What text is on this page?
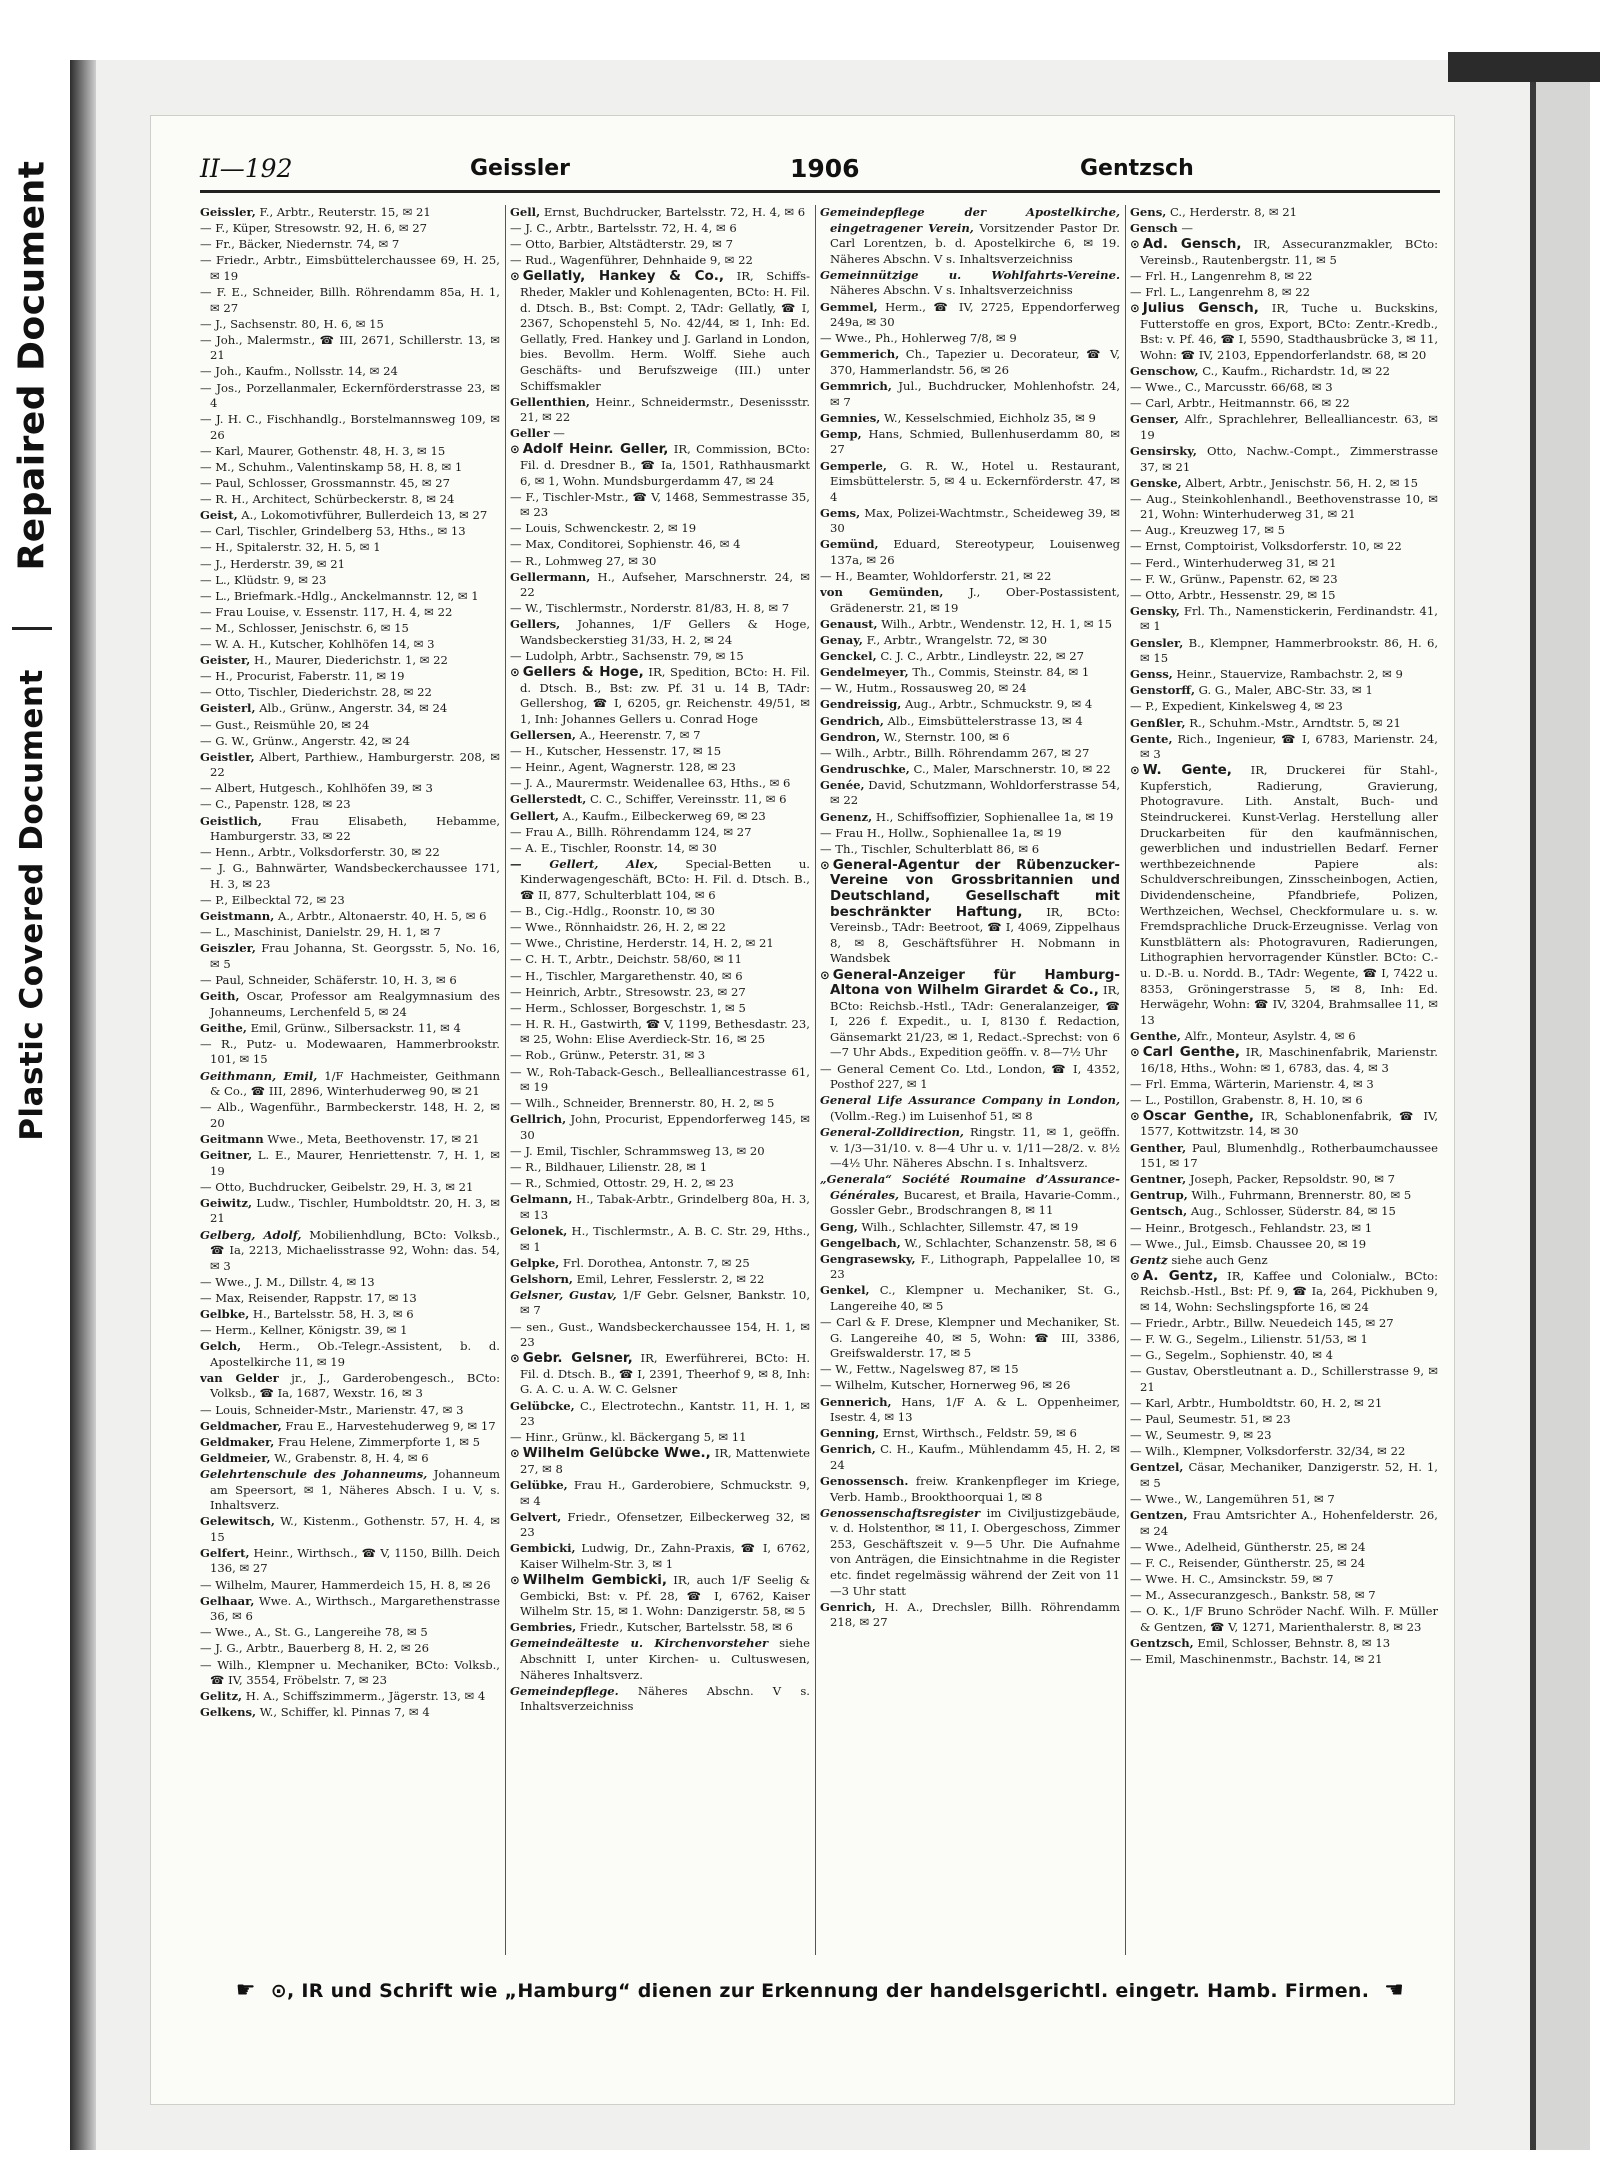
Repaired Document
Plastic Covered Document
II—192	Geissler	1906	Gentzsch
Geissler, F., Arbtr., Reuterstr. 15, ✉ 21
— F., Küper, Stresowstr. 92, H. 6, ✉ 27
— Fr., Bäcker, Niedernstr. 74, ✉ 7
— Friedr., Arbtr., Eimsbüttelerchaussee 69, H. 25, ✉ 19
— F. E., Schneider, Billh. Röhrendamm 85a, H. 1, ✉ 27
— J., Sachsenstr. 80, H. 6, ✉ 15
— Joh., Malermstr., ☎ III, 2671, Schillerstr. 13, ✉ 21
— Joh., Kaufm., Nollsstr. 14, ✉ 24
— Jos., Porzellanmaler, Eckernförderstrasse 23, ✉ 4
— J. H. C., Fischhandlg., Borstelmannsweg 109, ✉ 26
— Karl, Maurer, Gothenstr. 48, H. 3, ✉ 15
— M., Schuhm., Valentinskamp 58, H. 8, ✉ 1
— Paul, Schlosser, Grossmannstr. 45, ✉ 27
— R. H., Architect, Schürbeckerstr. 8, ✉ 24
Geist, A., Lokomotivführer, Bullerdeich 13, ✉ 27
— Carl, Tischler, Grindelberg 53, Hths., ✉ 13
— H., Spitalerstr. 32, H. 5, ✉ 1
— J., Herderstr. 39, ✉ 21
— L., Klüdstr. 9, ✉ 23
— L., Briefmark.-Hdlg., Anckelmannstr. 12, ✉ 1
— Frau Louise, v. Essenstr. 117, H. 4, ✉ 22
— M., Schlosser, Jenischstr. 6, ✉ 15
— W. A. H., Kutscher, Kohlhöfen 14, ✉ 3
Geister, H., Maurer, Diederichstr. 1, ✉ 22
— H., Procurist, Faberstr. 11, ✉ 19
— Otto, Tischler, Diederichstr. 28, ✉ 22
Geisterl, Alb., Grünw., Angerstr. 34, ✉ 24
— Gust., Reismühle 20, ✉ 24
— G. W., Grünw., Angerstr. 42, ✉ 24
Geistler, Albert, Parthiew., Hamburgerstr. 208, ✉ 22
— Albert, Hutgesch., Kohlhöfen 39, ✉ 3
— C., Papenstr. 128, ✉ 23
Geistlich,	Frau Elisabeth, Hebamme, Hamburgerstr. 33, ✉ 22
— Henn., Arbtr., Volksdorferstr. 30, ✉ 22
— J. G., Bahnwärter, Wandsbeckerchaussee 171, H. 3, ✉ 23
— P., Eilbecktal 72, ✉ 23
Geistmann, A., Arbtr., Altonaerstr. 40, H. 5, ✉ 6
— L., Maschinist, Danielstr. 29, H. 1, ✉ 7
Geiszler, Frau Johanna, St. Georgsstr. 5, No. 16, ✉ 5
— Paul, Schneider, Schäferstr. 10, H. 3, ✉ 6
Geith, Oscar, Professor am Realgymnasium des Johanneums, Lerchenfeld 5, ✉ 24
Geithe, Emil, Grünw., Silbersackstr. 11, ✉ 4
— R., Putz- u. Modewaaren, Hammerbrookstr. 101, ✉ 15
Geithmann, Emil, 1/F Hachmeister, Geithmann & Co., ☎ III, 2896, Winterhuderweg 90, ✉ 21
— Alb., Wagenführ., Barmbeckerstr. 148, H. 2, ✉ 20
Geitmann Wwe., Meta, Beethovenstr. 17, ✉ 21
Geitner, L. E., Maurer, Henriettenstr. 7, H. 1, ✉ 19
— Otto, Buchdrucker, Geibelstr. 29, H. 3, ✉ 21
Geiwitz, Ludw., Tischler, Humboldtstr. 20, H. 3, ✉ 21
Gelberg, Adolf, Mobilienhdlung, BCto: Volksb., ☎ Ia, 2213, Michaelisstrasse 92, Wohn: das. 54, ✉ 3
— Wwe., J. M., Dillstr. 4, ✉ 13
— Max, Reisender, Rappstr. 17, ✉ 13
Gelbke, H., Bartelsstr. 58, H. 3, ✉ 6
— Herm., Kellner, Königstr. 39, ✉ 1
Gelch, Herm., Ob.-Telegr.-Assistent, b. d. Apostelkirche 11, ✉ 19
van Gelder jr., J., Garderobengesch., BCto: Volksb., ☎ Ia, 1687, Wexstr. 16, ✉ 3
— Louis, Schneider-Mstr., Marienstr. 47, ✉ 3
Geldmacher, Frau E., Harvestehuderweg 9, ✉ 17
Geldmaker, Frau Helene, Zimmerpforte 1, ✉ 5
Geldmeier, W., Grabenstr. 8, H. 4, ✉ 6
Gelehrtenschule des Johanneums, Johanneum am Speersort, ✉ 1, Näheres Absch. I u. V, s. Inhaltsverz.
Gelewitsch, W., Kistenm., Gothenstr. 57, H. 4, ✉ 15
Gelfert, Heinr., Wirthsch., ☎ V, 1150, Billh. Deich 136, ✉ 27
— Wilhelm, Maurer, Hammerdeich 15, H. 8, ✉ 26
Gelhaar, Wwe. A., Wirthsch., Margarethenstrasse 36, ✉ 6
— Wwe., A., St. G., Langereihe 78, ✉ 5
— J. G., Arbtr., Bauerberg 8, H. 2, ✉ 26
— Wilh., Klempner u. Mechaniker, BCto: Volksb., ☎ IV, 3554, Fröbelstr. 7, ✉ 23
Gelitz, H. A., Schiffszimmerm., Jägerstr. 13, ✉ 4
Gelkens, W., Schiffer, kl. Pinnas 7, ✉ 4
Gell, Ernst, Buchdrucker, Bartelsstr. 72, H. 4, ✉ 6
— J. C., Arbtr., Bartelsstr. 72, H. 4, ✉ 6
— Otto, Barbier, Altstädterstr. 29, ✉ 7
— Rud., Wagenführer, Dehnhaide 9, ✉ 22
⊙ Gellatly, Hankey & Co., IR, Schiffs-Rheder, Makler und Kohlenagenten, BCto: H. Fil. d. Dtsch. B., Bst: Compt. 2, TAdr: Gellatly, ☎ I, 2367, Schopenstehl 5, No. 42/44, ✉ 1, Inh: Ed. Gellatly, Fred. Hankey und J. Garland in London, bies. Bevollm. Herm. Wolff. Siehe auch Geschäfts- und Berufszweige (III.) unter Schiffsmakler
Gellenthien, Heinr., Schneidermstr., Desenissstr. 21, ✉ 22
Geller —
⊙ Adolf Heinr. Geller, IR, Commission, BCto: Fil. d. Dresdner B., ☎ Ia, 1501, Rathhausmarkt 6, ✉ 1, Wohn. Mundsburgerdamm 47, ✉ 24
— F., Tischler-Mstr., ☎ V, 1468, Semmestrasse 35, ✉ 23
— Louis, Schwenckestr. 2, ✉ 19
— Max, Conditorei, Sophienstr. 46, ✉ 4
— R., Lohmweg 27, ✉ 30
Gellermann, H., Aufseher, Marschnerstr. 24, ✉ 22
— W., Tischlermstr., Norderstr. 81/83, H. 8, ✉ 7
Gellers, Johannes, 1/F Gellers & Hoge, Wandsbeckerstieg 31/33, H. 2, ✉ 24
— Ludolph, Arbtr., Sachsenstr. 79, ✉ 15
⊙ Gellers & Hoge, IR, Spedition, BCto: H. Fil. d. Dtsch. B., Bst: zw. Pf. 31 u. 14 B, TAdr: Gellershog, ☎ I, 6205, gr. Reichenstr. 49/51, ✉ 1, Inh: Johannes Gellers u. Conrad Hoge
Gellersen, A., Heerenstr. 7, ✉ 7
— H., Kutscher, Hessenstr. 17, ✉ 15
— Heinr., Agent, Wagnerstr. 128, ✉ 23
— J. A., Maurermstr. Weidenallee 63, Hths., ✉ 6
Gellerstedt, C. C., Schiffer, Vereinsstr. 11, ✉ 6
Gellert, A., Kaufm., Eilbeckerweg 69, ✉ 23
— Frau A., Billh. Röhrendamm 124, ✉ 27
— A. E., Tischler, Roonstr. 14, ✉ 30
— Gellert, Alex, Special-Betten u. Kinderwagengeschäft, BCto: H. Fil. d. Dtsch. B., ☎ II, 877, Schulterblatt 104, ✉ 6
— B., Cig.-Hdlg., Roonstr. 10, ✉ 30
— Wwe., Rönnhaidstr. 26, H. 2, ✉ 22
— Wwe., Christine, Herderstr. 14, H. 2, ✉ 21
— C. H. T., Arbtr., Deichstr. 58/60, ✉ 11
— H., Tischler, Margarethenstr. 40, ✉ 6
— Heinrich, Arbtr., Stresowstr. 23, ✉ 27
— Herm., Schlosser, Borgeschstr. 1, ✉ 5
— H. R. H., Gastwirth, ☎ V, 1199, Bethesdastr. 23, ✉ 25, Wohn: Elise Averdieck-Str. 16, ✉ 25
— Rob., Grünw., Peterstr. 31, ✉ 3
— W., Roh-Taback-Gesch., Bellealliancestrasse 61, ✉ 19
— Wilh., Schneider, Brennerstr. 80, H. 2, ✉ 5
Gellrich, John, Procurist, Eppendorferweg 145, ✉ 30
— J. Emil, Tischler, Schrammsweg 13, ✉ 20
— R., Bildhauer, Lilienstr. 28, ✉ 1
— R., Schmied, Ottostr. 29, H. 2, ✉ 23
Gelmann, H., Tabak-Arbtr., Grindelberg 80a, H. 3, ✉ 13
Gelonek, H., Tischlermstr., A. B. C. Str. 29, Hths., ✉ 1
Gelpke, Frl. Dorothea, Antonstr. 7, ✉ 25
Gelshorn, Emil, Lehrer, Fesslerstr. 2, ✉ 22
Gelsner, Gustav, 1/F Gebr. Gelsner, Bankstr. 10, ✉ 7
— sen., Gust., Wandsbeckerchaussee 154, H. 1, ✉ 23
⊙ Gebr. Gelsner, IR, Ewerführerei, BCto: H. Fil. d. Dtsch. B., ☎ I, 2391, Theerhof 9, ✉ 8, Inh: G. A. C. u. A. W. C. Gelsner
Gelübcke, C., Electrotechn., Kantstr. 11, H. 1, ✉ 23
— Hinr., Grünw., kl. Bäckergang 5, ✉ 11
⊙ Wilhelm Gelübcke Wwe., IR, Mattenwiete 27, ✉ 8
Gelübke, Frau H., Garderobiere, Schmuckstr. 9, ✉ 4
Gelvert, Friedr., Ofensetzer, Eilbeckerweg 32, ✉ 23
Gembicki, Ludwig, Dr., Zahn-Praxis, ☎ I, 6762, Kaiser Wilhelm-Str. 3, ✉ 1
⊙ Wilhelm Gembicki, IR, auch 1/F Seelig & Gembicki, Bst: v. Pf. 28, ☎ I, 6762, Kaiser Wilhelm Str. 15, ✉ 1. Wohn: Danzigerstr. 58, ✉ 5
Gembries, Friedr., Kutscher, Bartelsstr. 58, ✉ 6
Gemeindeälteste u. Kirchenvorsteher siehe Abschnitt I, unter Kirchen- u. Cultuswesen, Näheres Inhaltsverz.
Gemeindepflege. Näheres Abschn. V s. Inhaltsverzeichniss
Gemeindepflege der Apostelkirche, eingetragener Verein, Vorsitzender Pastor Dr. Carl Lorentzen, b. d. Apostelkirche 6, ✉ 19. Näheres Abschn. V s. Inhaltsverzeichniss
Gemeinnützige u. Wohlfahrts-Vereine. Näheres Abschn. V s. Inhaltsverzeichniss
Gemmel, Herm., ☎ IV, 2725, Eppendorferweg 249a, ✉ 30
— Wwe., Ph., Hohlerweg 7/8, ✉ 9
Gemmerich, Ch., Tapezier u. Decorateur, ☎ V, 370, Hammerlandstr. 56, ✉ 26
Gemmrich, Jul., Buchdrucker, Mohlenhofstr. 24, ✉ 7
Gemnies, W., Kesselschmied, Eichholz 35, ✉ 9
Gemp, Hans, Schmied, Bullenhuserdamm 80, ✉ 27
Gemperle, G. R. W., Hotel u. Restaurant, Eimsbüttelerstr. 5, ✉ 4 u. Eckernförderstr. 47, ✉ 4
Gems, Max, Polizei-Wachtmstr., Scheideweg 39, ✉ 30
Gemünd, Eduard, Stereotypeur, Louisenweg 137a, ✉ 26
— H., Beamter, Wohldorferstr. 21, ✉ 22
von Gemünden, J., Ober-Postassistent, Grädenerstr. 21, ✉ 19
Genaust, Wilh., Arbtr., Wendenstr. 12, H. 1, ✉ 15
Genay, F., Arbtr., Wrangelstr. 72, ✉ 30
Genckel, C. J. C., Arbtr., Lindleystr. 22, ✉ 27
Gendelmeyer, Th., Commis, Steinstr. 84, ✉ 1
— W., Hutm., Rossausweg 20, ✉ 24
Gendreissig, Aug., Arbtr., Schmuckstr. 9, ✉ 4
Gendrich, Alb., Eimsbüttelerstrasse 13, ✉ 4
Gendron, W., Sternstr. 100, ✉ 6
— Wilh., Arbtr., Billh. Röhrendamm 267, ✉ 27
Gendruschke, C., Maler, Marschnerstr. 10, ✉ 22
Genée, David, Schutzmann, Wohldorferstrasse 54, ✉ 22
Genenz, H., Schiffsoffizier, Sophienallee 1a, ✉ 19
— Frau H., Hollw., Sophienallee 1a, ✉ 19
— Th., Tischler, Schulterblatt 86, ✉ 6
⊙ General-Agentur der Rübenzucker-Vereine von Grossbritannien und Deutschland, Gesellschaft mit beschränkter Haftung, IR, BCto: Vereinsb., TAdr: Beetroot, ☎ I, 4069, Zippelhaus 8, ✉ 8, Geschäftsführer H. Nobmann in Wandsbek
⊙ General-Anzeiger für Hamburg-Altona von Wilhelm Girardet & Co., IR, BCto: Reichsb.-Hstl., TAdr: Generalanzeiger, ☎ I, 226 f. Expedit., u. I, 8130 f. Redaction, Gänsemarkt 21/23, ✉ 1, Redact.-Sprechst: von 6—7 Uhr Abds., Expedition geöffn. v. 8—7½ Uhr
— General Cement Co. Ltd., London, ☎ I, 4352, Posthof 227, ✉ 1
General Life Assurance Company in London, (Vollm.-Reg.) im Luisenhof 51, ✉ 8
General-Zolldirection, Ringstr. 11, ✉ 1, geöffn. v. 1/3—31/10. v. 8—4 Uhr u. v. 1/11—28/2. v. 8½—4½ Uhr. Näheres Abschn. I s. Inhaltsverz.
„Generala“ Société Roumaine d’Assurance-Générales, Bucarest, et Braila, Havarie-Comm., Gossler Gebr., Brodschrangen 8, ✉ 11
Geng, Wilh., Schlachter, Sillemstr. 47, ✉ 19
Gengelbach, W., Schlachter, Schanzenstr. 58, ✉ 6
Gengrasewsky, F., Lithograph, Pappelallee 10, ✉ 23
Genkel, C., Klempner u. Mechaniker, St. G., Langereihe 40, ✉ 5
— Carl & F. Drese, Klempner und Mechaniker, St. G. Langereihe 40, ✉ 5, Wohn: ☎ III, 3386, Greifswalderstr. 17, ✉ 5
— W., Fettw., Nagelsweg 87, ✉ 15
— Wilhelm, Kutscher, Hornerweg 96, ✉ 26
Gennerich, Hans, 1/F A. & L. Oppenheimer, Isestr. 4, ✉ 13
Genning, Ernst, Wirthsch., Feldstr. 59, ✉ 6
Genrich, C. H., Kaufm., Mühlendamm 45, H. 2, ✉ 24
Genossensch. freiw. Krankenpfleger im Kriege, Verb. Hamb., Brookthoorquai 1, ✉ 8
Genossenschaftsregister im Civiljustizgebäude, v. d. Holstenthor, ✉ 11, I. Obergeschoss, Zimmer 253, Geschäftszeit v. 9—5 Uhr. Die Aufnahme von Anträgen, die Einsichtnahme in die Register etc. findet regelmässig während der Zeit von 11—3 Uhr statt
Genrich, H. A., Drechsler, Billh. Röhrendamm 218, ✉ 27
Gens, C., Herderstr. 8, ✉ 21
Gensch —
⊙ Ad. Gensch, IR, Assecuranzmakler, BCto: Vereinsb., Rautenbergstr. 11, ✉ 5
— Frl. H., Langenrehm 8, ✉ 22
— Frl. L., Langenrehm 8, ✉ 22
⊙ Julius Gensch, IR, Tuche u. Buckskins, Futterstoffe en gros, Export, BCto: Zentr.-Kredb., Bst: v. Pf. 46, ☎ I, 5590, Stadthausbrücke 3, ✉ 11, Wohn: ☎ IV, 2103, Eppendorferlandstr. 68, ✉ 20
Genschow, C., Kaufm., Richardstr. 1d, ✉ 22
— Wwe., C., Marcusstr. 66/68, ✉ 3
— Carl, Arbtr., Heitmannstr. 66, ✉ 22
Genser, Alfr., Sprachlehrer, Bellealliancestr. 63, ✉ 19
Gensirsky, Otto, Nachw.-Compt., Zimmerstrasse 37, ✉ 21
Genske, Albert, Arbtr., Jenischstr. 56, H. 2, ✉ 15
— Aug., Steinkohlenhandl., Beethovenstrasse 10, ✉ 21, Wohn: Winterhuderweg 31, ✉ 21
— Aug., Kreuzweg 17, ✉ 5
— Ernst, Comptoirist, Volksdorferstr. 10, ✉ 22
— Ferd., Winterhuderweg 31, ✉ 21
— F. W., Grünw., Papenstr. 62, ✉ 23
— Otto, Arbtr., Hessenstr. 29, ✉ 15
Gensky, Frl. Th., Namenstickerin, Ferdinandstr. 41, ✉ 1
Gensler, B., Klempner, Hammerbrookstr. 86, H. 6, ✉ 15
Genss, Heinr., Stauervize, Rambachstr. 2, ✉ 9
Genstorff, G. G., Maler, ABC-Str. 33, ✉ 1
— P., Expedient, Kinkelsweg 4, ✉ 23
Genßler, R., Schuhm.-Mstr., Arndtstr. 5, ✉ 21
Gente, Rich., Ingenieur, ☎ I, 6783, Marienstr. 24, ✉ 3
⊙ W. Gente, IR, Druckerei für Stahl-, Kupferstich, Radierung, Gravierung, Photogravure. Lith. Anstalt, Buch- und Steindruckerei. Kunst-Verlag. Herstellung aller Druckarbeiten für den kaufmännischen, gewerblichen und industriellen Bedarf. Ferner werthbezeichnende Papiere als: Schuldverschreibungen, Zinsscheinbogen, Actien, Dividendenscheine, Pfandbriefe, Polizen, Werthzeichen, Wechsel, Checkformulare u. s. w. Fremdsprachliche Druck-Erzeugnisse. Verlag von Kunstblättern als: Photogravuren, Radierungen, Lithographien hervorragender Künstler. BCto: C.- u. D.-B. u. Nordd. B., TAdr: Wegente, ☎ I, 7422 u. 8353, Gröningerstrasse 5, ✉ 8, Inh: Ed. Herwägehr, Wohn: ☎ IV, 3204, Brahmsallee 11, ✉ 13
Genthe, Alfr., Monteur, Asylstr. 4, ✉ 6
⊙ Carl Genthe, IR, Maschinenfabrik, Marienstr. 16/18, Hths., Wohn: ✉ 1, 6783, das. 4, ✉ 3
— Frl. Emma, Wärterin, Marienstr. 4, ✉ 3
— L., Postillon, Grabenstr. 8, H. 10, ✉ 6
⊙ Oscar Genthe, IR, Schablonenfabrik, ☎ IV, 1577, Kottwitzstr. 14, ✉ 30
Genther, Paul, Blumenhdlg., Rotherbaumchaussee 151, ✉ 17
Gentner, Joseph, Packer, Repsoldstr. 90, ✉ 7
Gentrup, Wilh., Fuhrmann, Brennerstr. 80, ✉ 5
Gentsch, Aug., Schlosser, Süderstr. 84, ✉ 15
— Heinr., Brotgesch., Fehlandstr. 23, ✉ 1
— Wwe., Jul., Eimsb. Chaussee 20, ✉ 19
Gentz siehe auch Genz
⊙ A. Gentz, IR, Kaffee und Colonialw., BCto: Reichsb.-Hstl., Bst: Pf. 9, ☎ Ia, 264, Pickhuben 9, ✉ 14, Wohn: Sechslingspforte 16, ✉ 24
— Friedr., Arbtr., Billw. Neuedeich 145, ✉ 27
— F. W. G., Segelm., Lilienstr. 51/53, ✉ 1
— G., Segelm., Sophienstr. 40, ✉ 4
— Gustav, Oberstleutnant a. D., Schillerstrasse 9, ✉ 21
— Karl, Arbtr., Humboldtstr. 60, H. 2, ✉ 21
— Paul, Seumestr. 51, ✉ 23
— W., Seumestr. 9, ✉ 23
— Wilh., Klempner, Volksdorferstr. 32/34, ✉ 22
Gentzel, Cäsar, Mechaniker, Danzigerstr. 52, H. 1, ✉ 5
— Wwe., W., Langemühren 51, ✉ 7
Gentzen, Frau Amtsrichter A., Hohenfelderstr. 26, ✉ 24
— Wwe., Adelheid, Güntherstr. 25, ✉ 24
— F. C., Reisender, Güntherstr. 25, ✉ 24
— Wwe. H. C., Amsinckstr. 59, ✉ 7
— M., Assecuranzgesch., Bankstr. 58, ✉ 7
— O. K., 1/F Bruno Schröder Nachf. Wilh. F. Müller & Gentzen, ☎ V, 1271, Marienthalerstr. 8, ✉ 23
Gentzsch, Emil, Schlosser, Behnstr. 8, ✉ 13
— Emil, Maschinenmstr., Bachstr. 14, ✉ 21
☛ ⊙, IR und Schrift wie „Hamburg“ dienen zur Erkennung der handelsgerichtl. eingetr. Hamb. Firmen. ☚
